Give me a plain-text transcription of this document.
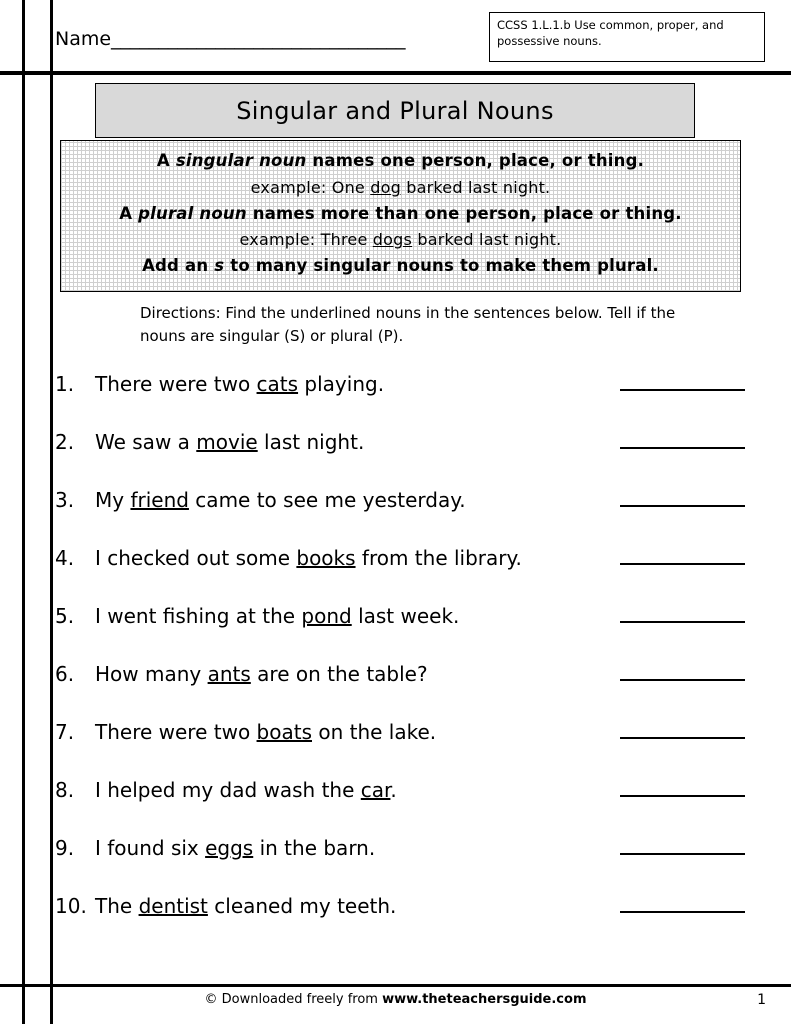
Name_______________________________
CCSS 1.L.1.b Use common, proper, and
possessive nouns.
Singular and Plural Nouns
A singular noun names one person, place, or thing.
example: One dog barked last night.
A plural noun names more than one person, place or thing.
example: Three dogs barked last night.
Add an s to many singular nouns to make them plural.
Directions: Find the underlined nouns in the sentences below. Tell if the nouns are singular (S) or plural (P).
1.	There were two cats playing.
2.	We saw a movie last night.
3.	My friend came to see me yesterday.
4.	I checked out some books from the library.
5.	I went fishing at the pond last week.
6.	How many ants are on the table?
7.	There were two boats on the lake.
8.	I helped my dad wash the car.
9.	I found six eggs in the barn.
10. The dentist cleaned my teeth.
© Downloaded freely from www.theteachersguide.com	1
